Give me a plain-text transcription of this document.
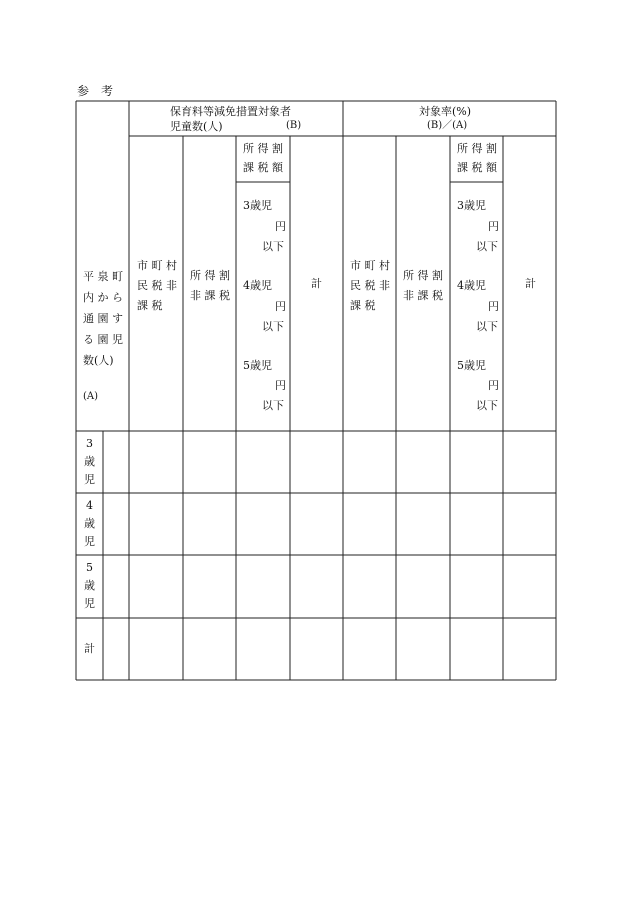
参　考
平 泉 町
内 か ら
通 園 す
る 園 児
数(人)
(A)
保育料等減免措置対象者
児童数(人)	(B)
対象率(%)
(B)／(A)
市 町 村
民 税 非
課 税
所 得 割
非 課 税
所 得 割
課 税 額
3歳児
円
以下
4歳児
円
以下
5歳児
円
以下
計
市 町 村
民 税 非
課 税
所 得 割
非 課 税
所 得 割
課 税 額
3歳児
円
以下
4歳児
円
以下
5歳児
円
以下
計
3
歳
児
4
歳
児
5
歳
児
計
